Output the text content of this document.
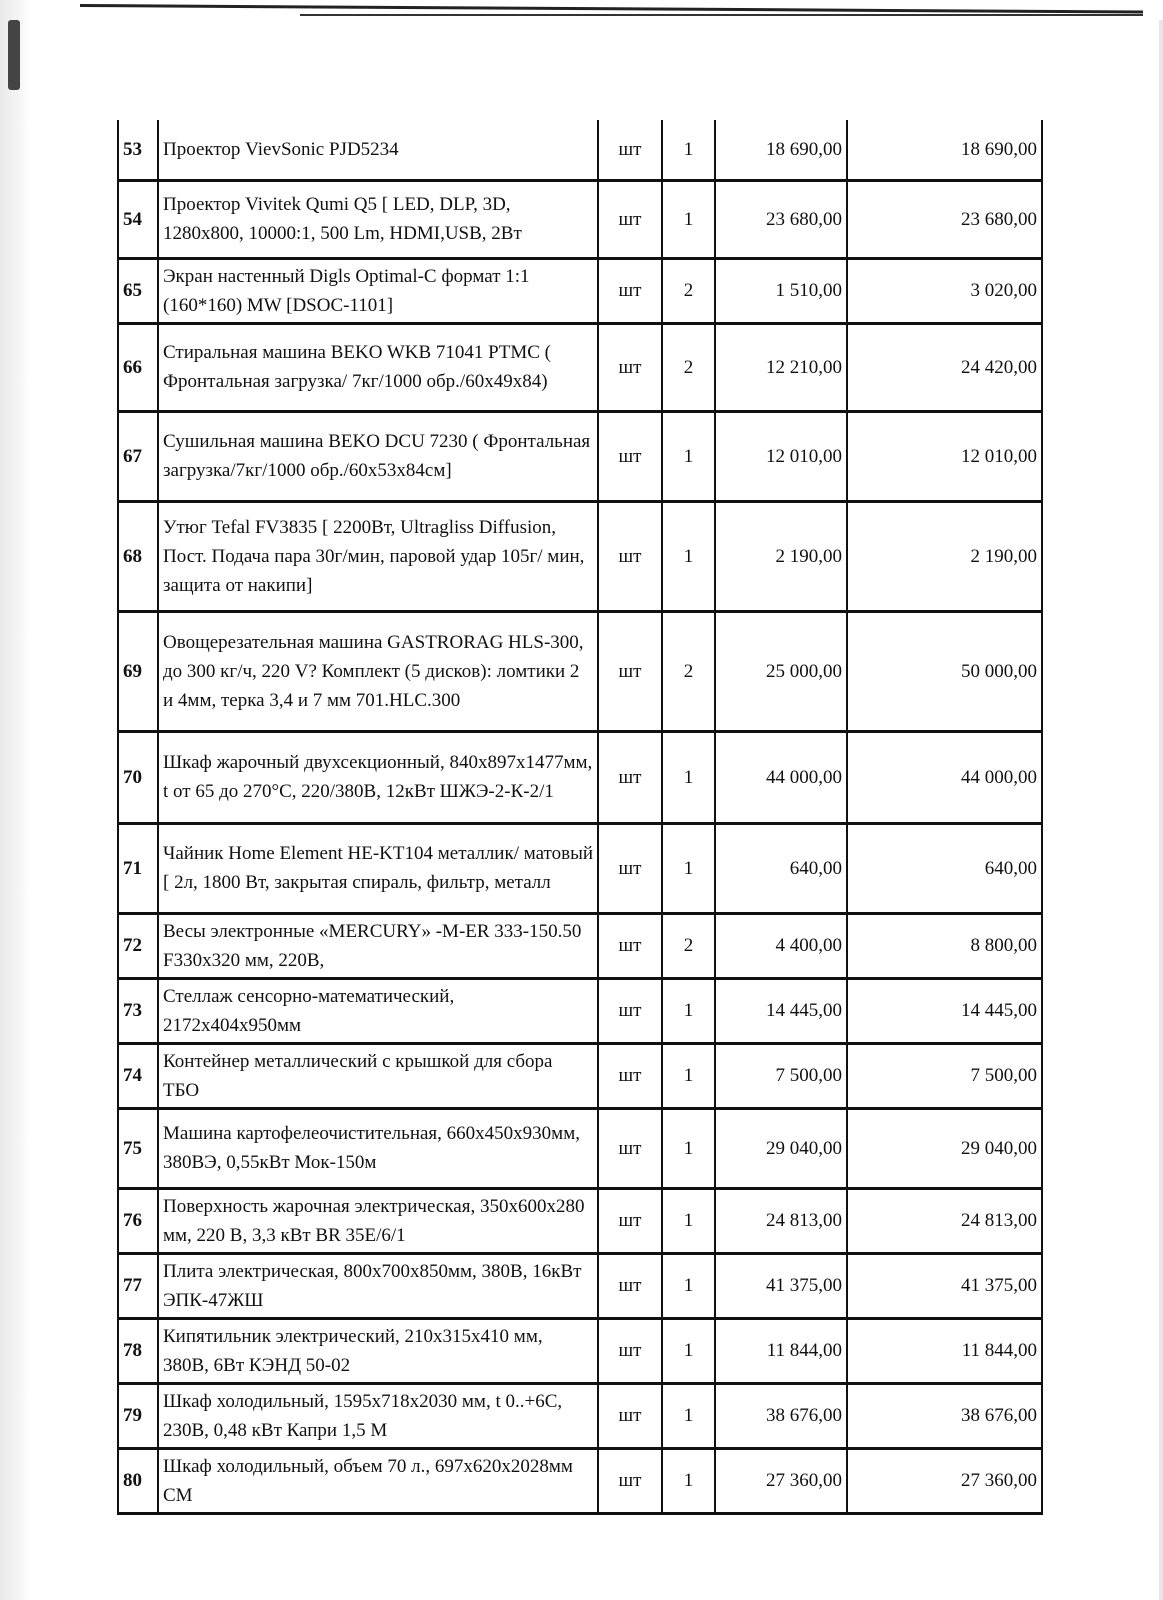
53	Проектор VievSonic PJD5234	шт	1	18 690,00	18 690,00
54	Проектор Vivitek Qumi Q5 [ LED, DLP, 3D, 1280x800, 10000:1, 500 Lm, HDMI,USB, 2Вт	шт	1	23 680,00	23 680,00
65	Экран настенный Digls Optimal-C формат 1:1 (160*160) MW [DSOC-1101]	шт	2	1 510,00	3 020,00
66	Стиральная машина BEKO WKB 71041 PTMC ( Фронтальная загрузка/ 7кг/1000 обр./60x49x84)	шт	2	12 210,00	24 420,00
67	Сушильная машина BEKO DCU 7230 ( Фронтальная загрузка/7кг/1000 обр./60x53x84см]	шт	1	12 010,00	12 010,00
68	Утюг Tefal FV3835 [ 2200Вт, Ultragliss Diffusion, Пост. Подача пара 30г/мин, паровой удар 105г/ мин, защита от накипи]	шт	1	2 190,00	2 190,00
69	Овощерезательная машина GASTRORAG HLS-300, до 300 кг/ч, 220 V? Комплект (5 дисков): ломтики 2 и 4мм, терка 3,4 и 7 мм 701.HLC.300	шт	2	25 000,00	50 000,00
70	Шкаф жарочный двухсекционный, 840x897x1477мм, t от 65 до 270°С, 220/380В, 12кВт ШЖЭ-2-К-2/1	шт	1	44 000,00	44 000,00
71	Чайник Home Element HE-KT104 металлик/ матовый [ 2л, 1800 Вт, закрытая спираль, фильтр, металл	шт	1	640,00	640,00
72	Весы электронные «MERCURY» -M-ER 333-150.50 F330x320 мм, 220В,	шт	2	4 400,00	8 800,00
73	Стеллаж сенсорно-математический, 2172x404x950мм	шт	1	14 445,00	14 445,00
74	Контейнер металлический с крышкой для сбора ТБО	шт	1	7 500,00	7 500,00
75	Машина картофелеочистительная, 660x450x930мм, 380ВЭ, 0,55кВт Мок-150м	шт	1	29 040,00	29 040,00
76	Поверхность жарочная электрическая, 350x600x280 мм, 220 В, 3,3 кВт BR 35E/6/1	шт	1	24 813,00	24 813,00
77	Плита электрическая, 800x700x850мм, 380В, 16кВт ЭПК-47ЖШ	шт	1	41 375,00	41 375,00
78	Кипятильник электрический, 210x315x410 мм, 380В, 6Вт КЭНД 50-02	шт	1	11 844,00	11 844,00
79	Шкаф холодильный, 1595x718x2030 мм, t 0..+6С, 230В, 0,48 кВт Капри 1,5 М	шт	1	38 676,00	38 676,00
80	Шкаф холодильный, объем 70 л., 697x620x2028мм СМ	шт	1	27 360,00	27 360,00
